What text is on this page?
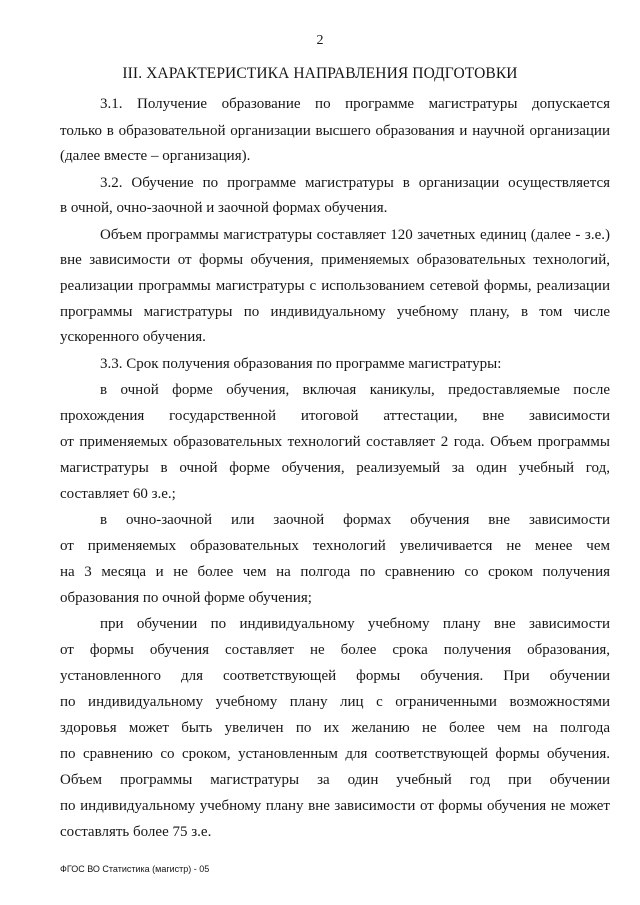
2
III. ХАРАКТЕРИСТИКА НАПРАВЛЕНИЯ ПОДГОТОВКИ
3.1. Получение образование по программе магистратуры допускается
только в образовательной организации высшего образования и научной организации
(далее вместе – организация).
3.2. Обучение по программе магистратуры в организации осуществляется
в очной, очно-заочной и заочной формах обучения.
Объем программы магистратуры составляет 120 зачетных единиц (далее - з.е.)
вне зависимости от формы обучения, применяемых образовательных технологий,
реализации программы магистратуры с использованием сетевой формы, реализации
программы магистратуры по индивидуальному учебному плану, в том числе
ускоренного обучения.
3.3. Срок получения образования по программе магистратуры:
в очной форме обучения, включая каникулы, предоставляемые после
прохождения государственной итоговой аттестации, вне зависимости
от применяемых образовательных технологий составляет 2 года. Объем программы
магистратуры в очной форме обучения, реализуемый за один учебный год,
составляет 60 з.е.;
в очно-заочной или заочной формах обучения вне зависимости
от применяемых образовательных технологий увеличивается не менее чем
на 3 месяца и не более чем на полгода по сравнению со сроком получения
образования по очной форме обучения;
при обучении по индивидуальному учебному плану вне зависимости
от формы обучения составляет не более срока получения образования,
установленного для соответствующей формы обучения. При обучении
по индивидуальному учебному плану лиц с ограниченными возможностями
здоровья может быть увеличен по их желанию не более чем на полгода
по сравнению со сроком, установленным для соответствующей формы обучения.
Объем программы магистратуры за один учебный год при обучении
по индивидуальному учебному плану вне зависимости от формы обучения не может
составлять более 75 з.е.
ФГОС ВО Статистика (магистр) - 05
